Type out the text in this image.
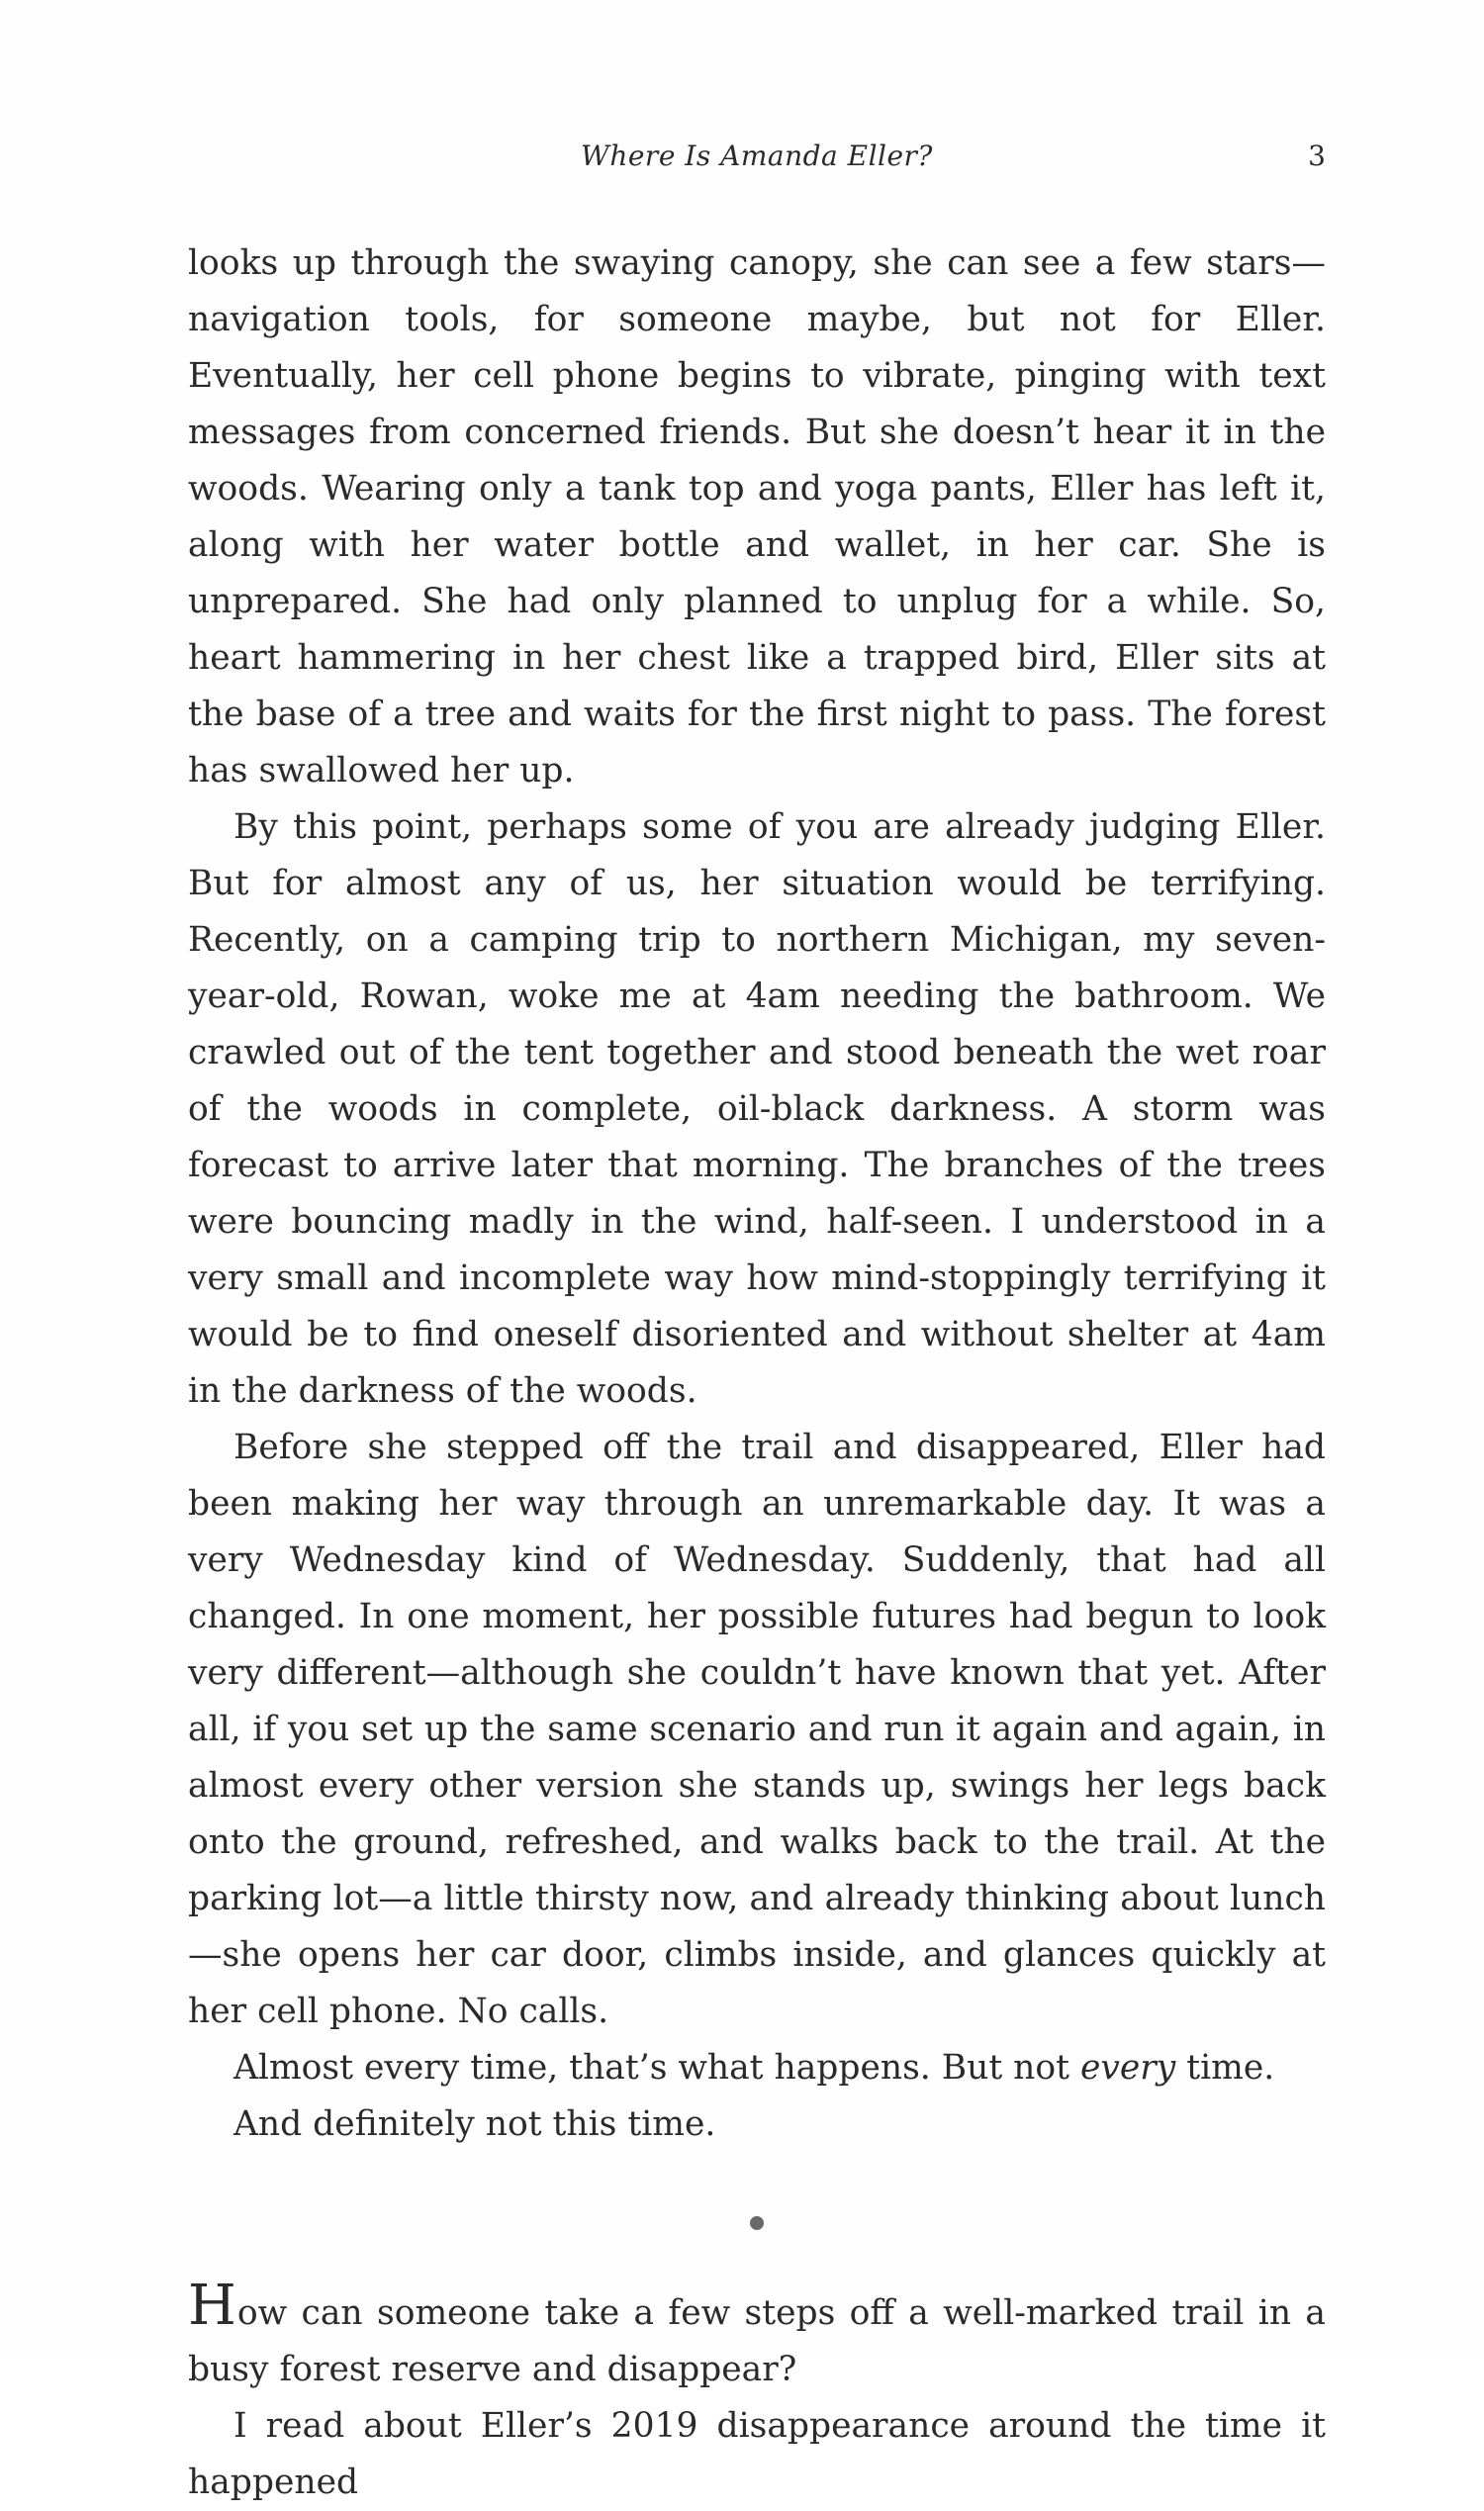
Where Is Amanda Eller?	3

looks up through the swaying canopy, she can see a few stars—navigation tools, for someone maybe, but not for Eller. Eventually, her cell phone begins to vibrate, pinging with text messages from concerned friends. But she doesn’t hear it in the woods. Wearing only a tank top and yoga pants, Eller has left it, along with her water bottle and wallet, in her car. She is unprepared. She had only planned to unplug for a while. So, heart hammering in her chest like a trapped bird, Eller sits at the base of a tree and waits for the first night to pass. The forest has swallowed her up.

By this point, perhaps some of you are already judging Eller. But for almost any of us, her situation would be terrifying. Recently, on a camping trip to northern Michigan, my seven-year-old, Rowan, woke me at 4am needing the bathroom. We crawled out of the tent together and stood beneath the wet roar of the woods in complete, oil-black darkness. A storm was forecast to arrive later that morning. The branches of the trees were bouncing madly in the wind, half-seen. I understood in a very small and incomplete way how mind-stoppingly terrifying it would be to find oneself disoriented and without shelter at 4am in the darkness of the woods.

Before she stepped off the trail and disappeared, Eller had been making her way through an unremarkable day. It was a very Wednesday kind of Wednesday. Suddenly, that had all changed. In one moment, her possible futures had begun to look very different—although she couldn’t have known that yet. After all, if you set up the same scenario and run it again and again, in almost every other version she stands up, swings her legs back onto the ground, refreshed, and walks back to the trail. At the parking lot—a little thirsty now, and already thinking about lunch—she opens her car door, climbs inside, and glances quickly at her cell phone. No calls.

Almost every time, that’s what happens. But not every time.

And definitely not this time.

How can someone take a few steps off a well-marked trail in a busy forest reserve and disappear?

I read about Eller’s 2019 disappearance around the time it happened
